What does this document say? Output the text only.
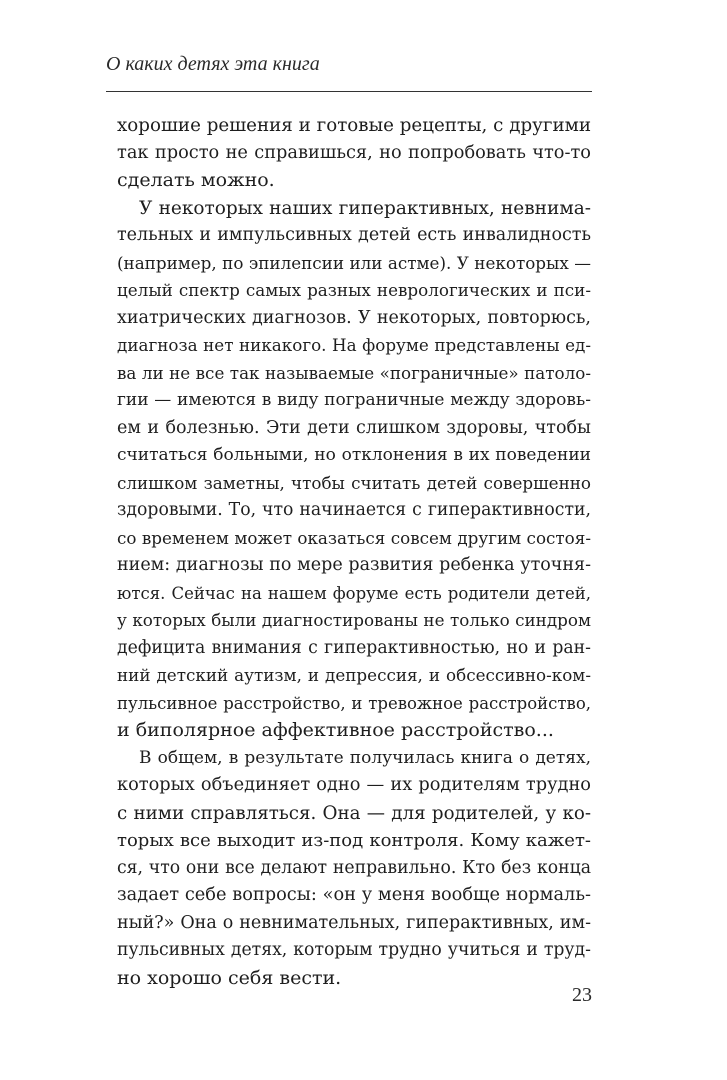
О каких детях эта книга
хорошие решения и готовые рецепты, с другими
так просто не справишься, но попробовать что-то
сделать можно.
У некоторых наших гиперактивных, невнима-
тельных и импульсивных детей есть инвалидность
(например, по эпилепсии или астме). У некоторых —
целый спектр самых разных неврологических и пси-
хиатрических диагнозов. У некоторых, повторюсь,
диагноза нет никакого. На форуме представлены ед-
ва ли не все так называемые «пограничные» патоло-
гии — имеются в виду пограничные между здоровь-
ем и болезнью. Эти дети слишком здоровы, чтобы
считаться больными, но отклонения в их поведении
слишком заметны, чтобы считать детей совершенно
здоровыми. То, что начинается с гиперактивности,
со временем может оказаться совсем другим состоя-
нием: диагнозы по мере развития ребенка уточня-
ются. Сейчас на нашем форуме есть родители детей,
у которых были диагностированы не только синдром
дефицита внимания с гиперактивностью, но и ран-
ний детский аутизм, и депрессия, и обсессивно-ком-
пульсивное расстройство, и тревожное расстройство,
и биполярное аффективное расстройство...
В общем, в результате получилась книга о детях,
которых объединяет одно — их родителям трудно
с ними справляться. Она — для родителей, у ко-
торых все выходит из-под контроля. Кому кажет-
ся, что они все делают неправильно. Кто без конца
задает себе вопросы: «он у меня вообще нормаль-
ный?» Она о невнимательных, гиперактивных, им-
пульсивных детях, которым трудно учиться и труд-
но хорошо себя вести.
23
